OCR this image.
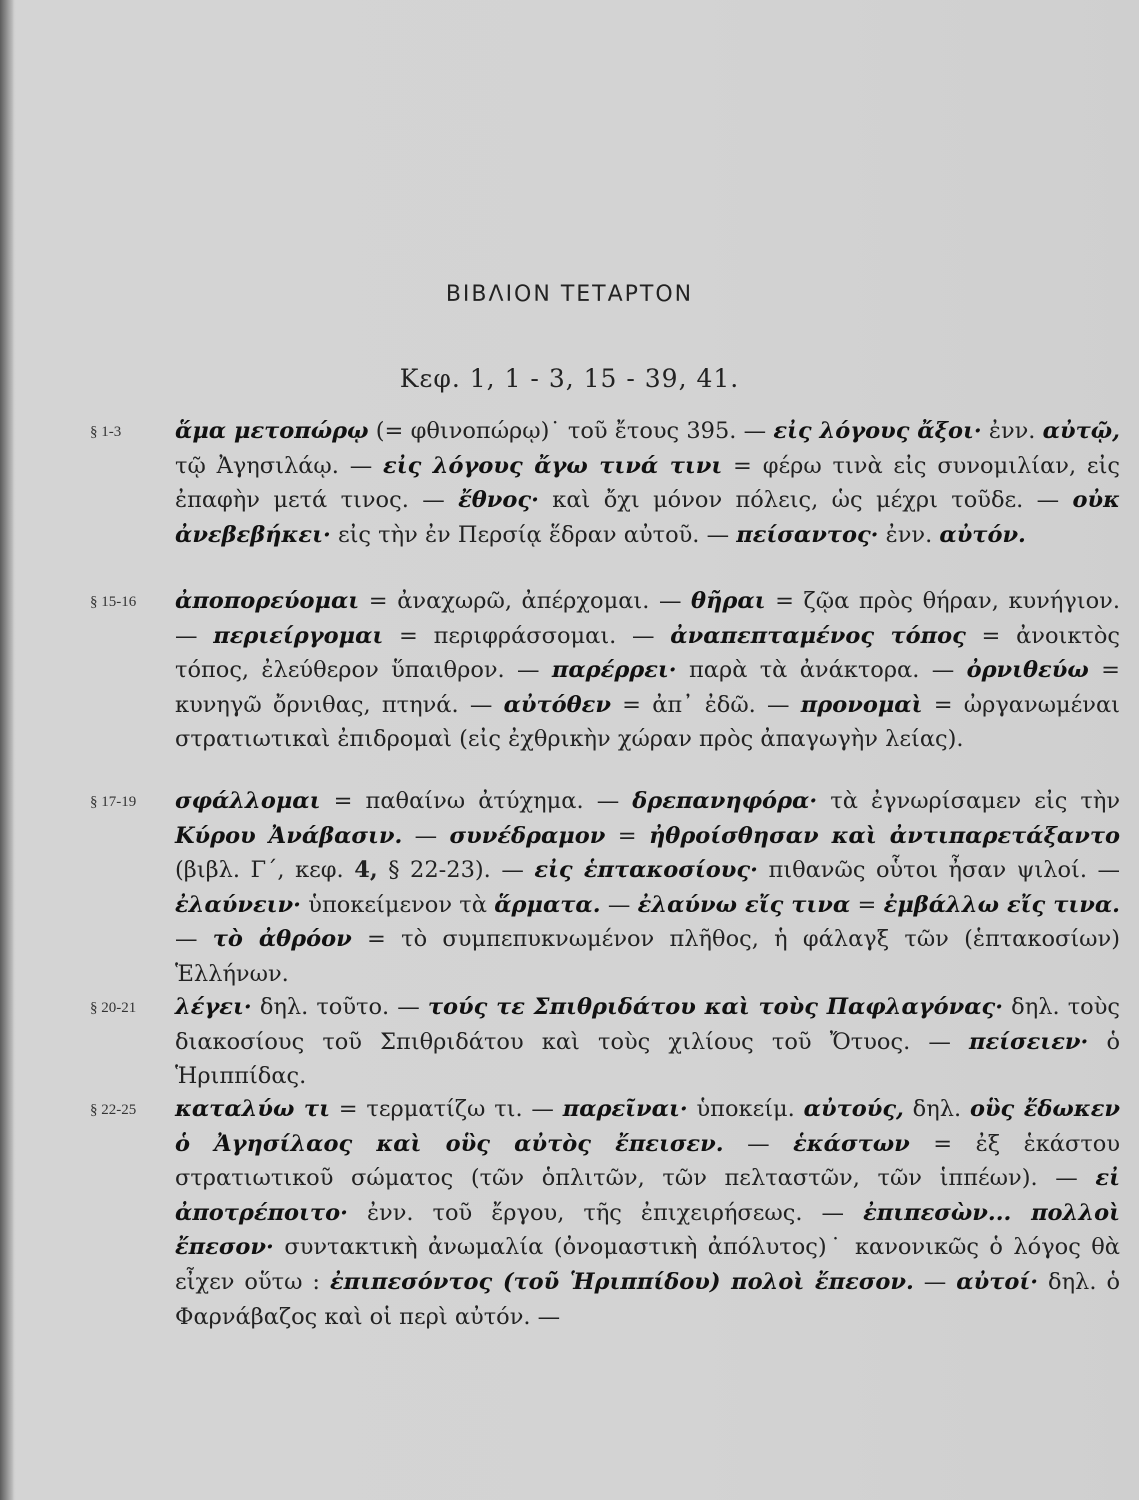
ΒΙΒΛΙΟΝ ΤΕΤΑΡΤΟΝ
Κεφ. 1, 1 - 3, 15 - 39, 41.
§ 1-3 ἅμα μετοπώρῳ (= φθινοπώρῳ)˙ τοῦ ἔτους 395. — εἰς λόγους ἄξοι· ἐνν. αὐτῷ, τῷ Ἀγησιλάῳ. — εἰς λόγους ἄγω τινά τινι = φέρω τινὰ εἰς συνομιλίαν, εἰς ἐπαφὴν μετά τινος. — ἔθνος· καὶ ὄχι μόνον πόλεις, ὡς μέχρι τοῦδε. — οὐκ ἀνεβεβήκει· εἰς τὴν ἐν Περσίᾳ ἕδραν αὐτοῦ. — πείσαντος· ἐνν. αὐτόν.
§ 15-16 ἀποπορεύομαι = ἀναχωρῶ, ἀπέρχομαι. — θῆραι = ζῷα πρὸς θήραν, κυνήγιον. — περιείργομαι = περιφράσσομαι. — ἀναπεπταμένος τόπος = ἀνοικτὸς τόπος, ἐλεύθερον ὕπαιθρον. — παρέρρει· παρὰ τὰ ἀνάκτορα. — ὀρνιθεύω = κυνηγῶ ὄρνιθας, πτηνά. — αὐτόθεν = ἀπ᾽ ἐδῶ. — προνομαὶ = ὠργανωμέναι στρατιωτικαὶ ἐπιδρομαὶ (εἰς ἐχθρικὴν χώραν πρὸς ἀπαγωγὴν λείας).
§ 17-19 σφάλλομαι = παθαίνω ἀτύχημα. — δρεπανηφόρα· τὰ ἐγνωρίσαμεν εἰς τὴν Κύρου Ἀνάβασιν. — συνέδραμον = ἠθροίσθησαν καὶ ἀντιπαρετάξαντο (βιβλ. Γ΄, κεφ. 4, § 22-23). — εἰς ἑπτακοσίους· πιθανῶς οὗτοι ἦσαν ψιλοί. — ἐλαύνειν· ὑποκείμενον τὰ ἅρματα. — ἐλαύνω εἴς τινα = ἐμβάλλω εἴς τινα. — τὸ ἀθρόον = τὸ συμπεπυκνωμένον πλῆθος, ἡ φάλαγξ τῶν (ἑπτακοσίων) Ἑλλήνων.
§ 20-21 λέγει· δηλ. τοῦτο. — τούς τε Σπιθριδάτου καὶ τοὺς Παφλαγόνας· δηλ. τοὺς διακοσίους τοῦ Σπιθριδάτου καὶ τοὺς χιλίους τοῦ Ὄτυος. — πείσειεν· ὁ Ἡριππίδας.
§ 22-25 καταλύω τι = τερματίζω τι. — παρεῖναι· ὑποκείμ. αὐτούς, δηλ. οὓς ἔδωκεν ὁ Ἀγησίλαος καὶ οὓς αὐτὸς ἔπεισεν. — ἑκάστων = ἐξ ἑκάστου στρατιωτικοῦ σώματος (τῶν ὁπλιτῶν, τῶν πελταστῶν, τῶν ἱππέων). — εἰ ἀποτρέποιτο· ἐνν. τοῦ ἔργου, τῆς ἐπιχειρήσεως. — ἐπιπεσὼν... πολλοὶ ἔπεσον· συντακτικὴ ἀνωμαλία (ὀνομαστικὴ ἀπόλυτος)˙ κανονικῶς ὁ λόγος θὰ εἶχεν οὕτω : ἐπιπεσόντος (τοῦ Ἡριππίδου) πολοὶ ἔπεσον. — αὐτοί· δηλ. ὁ Φαρνάβαζος καὶ οἱ περὶ αὐτόν. —
